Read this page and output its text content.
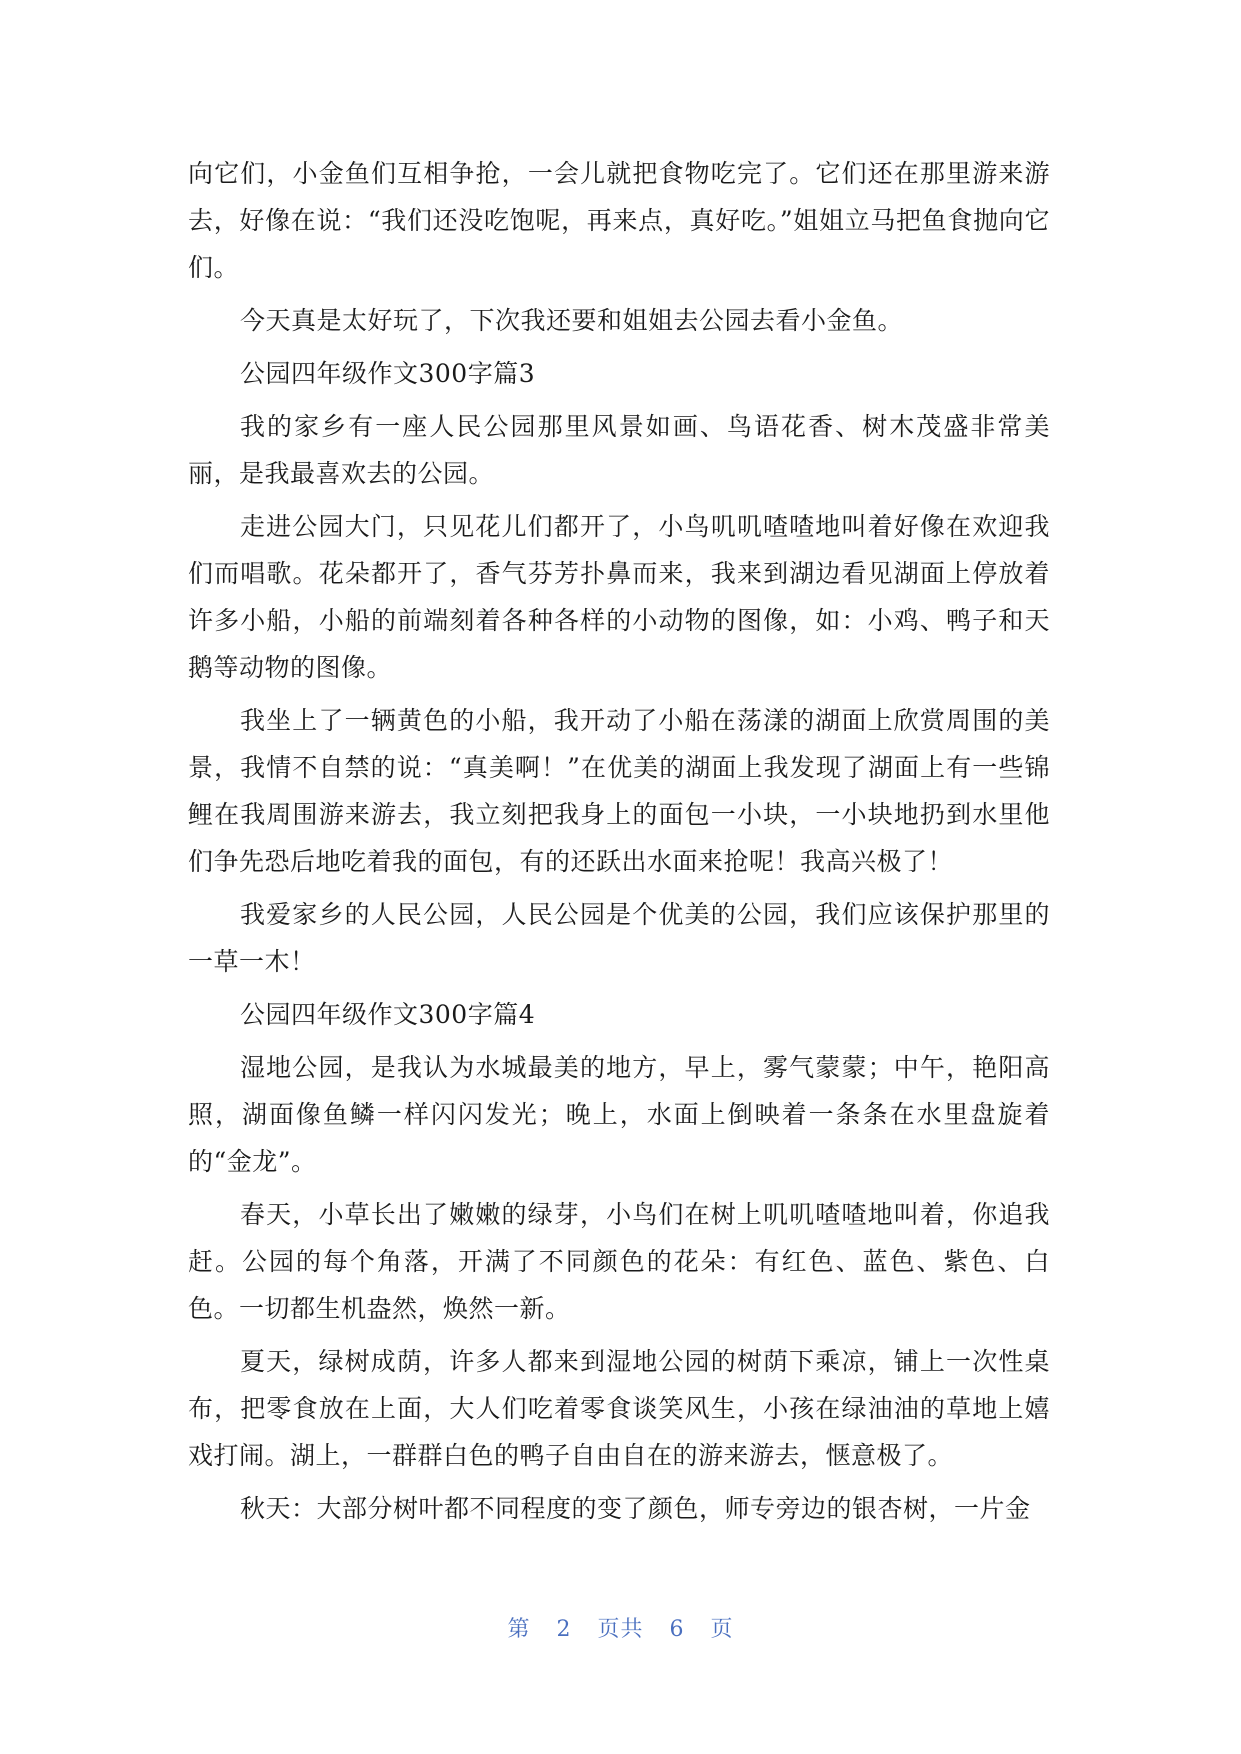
向它们，小金鱼们互相争抢，一会儿就把食物吃完了。它们还在那里游来游去，好像在说：“我们还没吃饱呢，再来点，真好吃。”姐姐立马把鱼食抛向它们。

今天真是太好玩了，下次我还要和姐姐去公园去看小金鱼。

公园四年级作文300字篇3

我的家乡有一座人民公园那里风景如画、鸟语花香、树木茂盛非常美丽，是我最喜欢去的公园。

走进公园大门，只见花儿们都开了，小鸟叽叽喳喳地叫着好像在欢迎我们而唱歌。花朵都开了，香气芬芳扑鼻而来，我来到湖边看见湖面上停放着许多小船，小船的前端刻着各种各样的小动物的图像，如：小鸡、鸭子和天鹅等动物的图像。

我坐上了一辆黄色的小船，我开动了小船在荡漾的湖面上欣赏周围的美景，我情不自禁的说：“真美啊！”在优美的湖面上我发现了湖面上有一些锦鲤在我周围游来游去，我立刻把我身上的面包一小块，一小块地扔到水里他们争先恐后地吃着我的面包，有的还跃出水面来抢呢！我高兴极了！

我爱家乡的人民公园，人民公园是个优美的公园，我们应该保护那里的一草一木！

公园四年级作文300字篇4

湿地公园，是我认为水城最美的地方，早上，雾气蒙蒙；中午，艳阳高照，湖面像鱼鳞一样闪闪发光；晚上，水面上倒映着一条条在水里盘旋着的“金龙”。

春天，小草长出了嫩嫩的绿芽，小鸟们在树上叽叽喳喳地叫着，你追我赶。公园的每个角落，开满了不同颜色的花朵：有红色、蓝色、紫色、白色。一切都生机盎然，焕然一新。

夏天，绿树成荫，许多人都来到湿地公园的树荫下乘凉，铺上一次性桌布，把零食放在上面，大人们吃着零食谈笑风生，小孩在绿油油的草地上嬉戏打闹。湖上，一群群白色的鸭子自由自在的游来游去，惬意极了。

秋天：大部分树叶都不同程度的变了颜色，师专旁边的银杏树，一片金

第 2 页共 6 页
